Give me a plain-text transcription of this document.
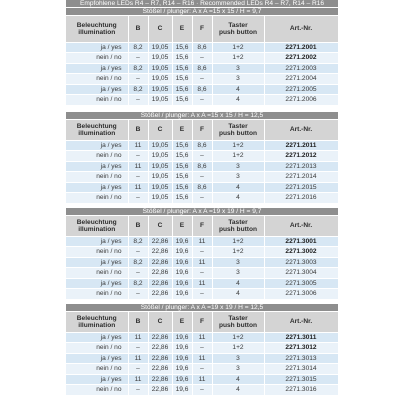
Empfohlene LEDs R4 – R7, R14 – R16 · Recommended LEDs R4 – R7, R14 – R16
Stößel / plunger: A x A =15 x 15 / H = 9,7
Beleuchtung
illumination	B	C	E	F	Taster
push button	Art.-Nr.
ja / yes	8,2	19,05	15,6	8,6	1+2	2271.2001
nein / no	–	19,05	15,6	–	1+2	2271.2002
ja / yes	8,2	19,05	15,6	8,6	3	2271.2003
nein / no	–	19,05	15,6	–	3	2271.2004
ja / yes	8,2	19,05	15,6	8,6	4	2271.2005
nein / no	–	19,05	15,6	–	4	2271.2006
Stößel / plunger: A x A =15 x 15 / H = 12,5
Beleuchtung
illumination	B	C	E	F	Taster
push button	Art.-Nr.
ja / yes	11	19,05	15,6	8,6	1+2	2271.2011
nein / no	–	19,05	15,6	–	1+2	2271.2012
ja / yes	11	19,05	15,6	8,6	3	2271.2013
nein / no	–	19,05	15,6	–	3	2271.2014
ja / yes	11	19,05	15,6	8,6	4	2271.2015
nein / no	–	19,05	15,6	–	4	2271.2016
Stößel / plunger: A x A =19 x 19 / H = 9,7
Beleuchtung
illumination	B	C	E	F	Taster
push button	Art.-Nr.
ja / yes	8,2	22,86	19,6	11	1+2	2271.3001
nein / no	–	22,86	19,6	–	1+2	2271.3002
ja / yes	8,2	22,86	19,6	11	3	2271.3003
nein / no	–	22,86	19,6	–	3	2271.3004
ja / yes	8,2	22,86	19,6	11	4	2271.3005
nein / no	–	22,86	19,6	–	4	2271.3006
Stößel / plunger: A x A =19 x 19 / H = 12,5
Beleuchtung
illumination	B	C	E	F	Taster
push button	Art.-Nr.
ja / yes	11	22,86	19,6	11	1+2	2271.3011
nein / no	–	22,86	19,6	–	1+2	2271.3012
ja / yes	11	22,86	19,6	11	3	2271.3013
nein / no	–	22,86	19,6	–	3	2271.3014
ja / yes	11	22,86	19,6	11	4	2271.3015
nein / no	–	22,86	19,6	–	4	2271.3016
